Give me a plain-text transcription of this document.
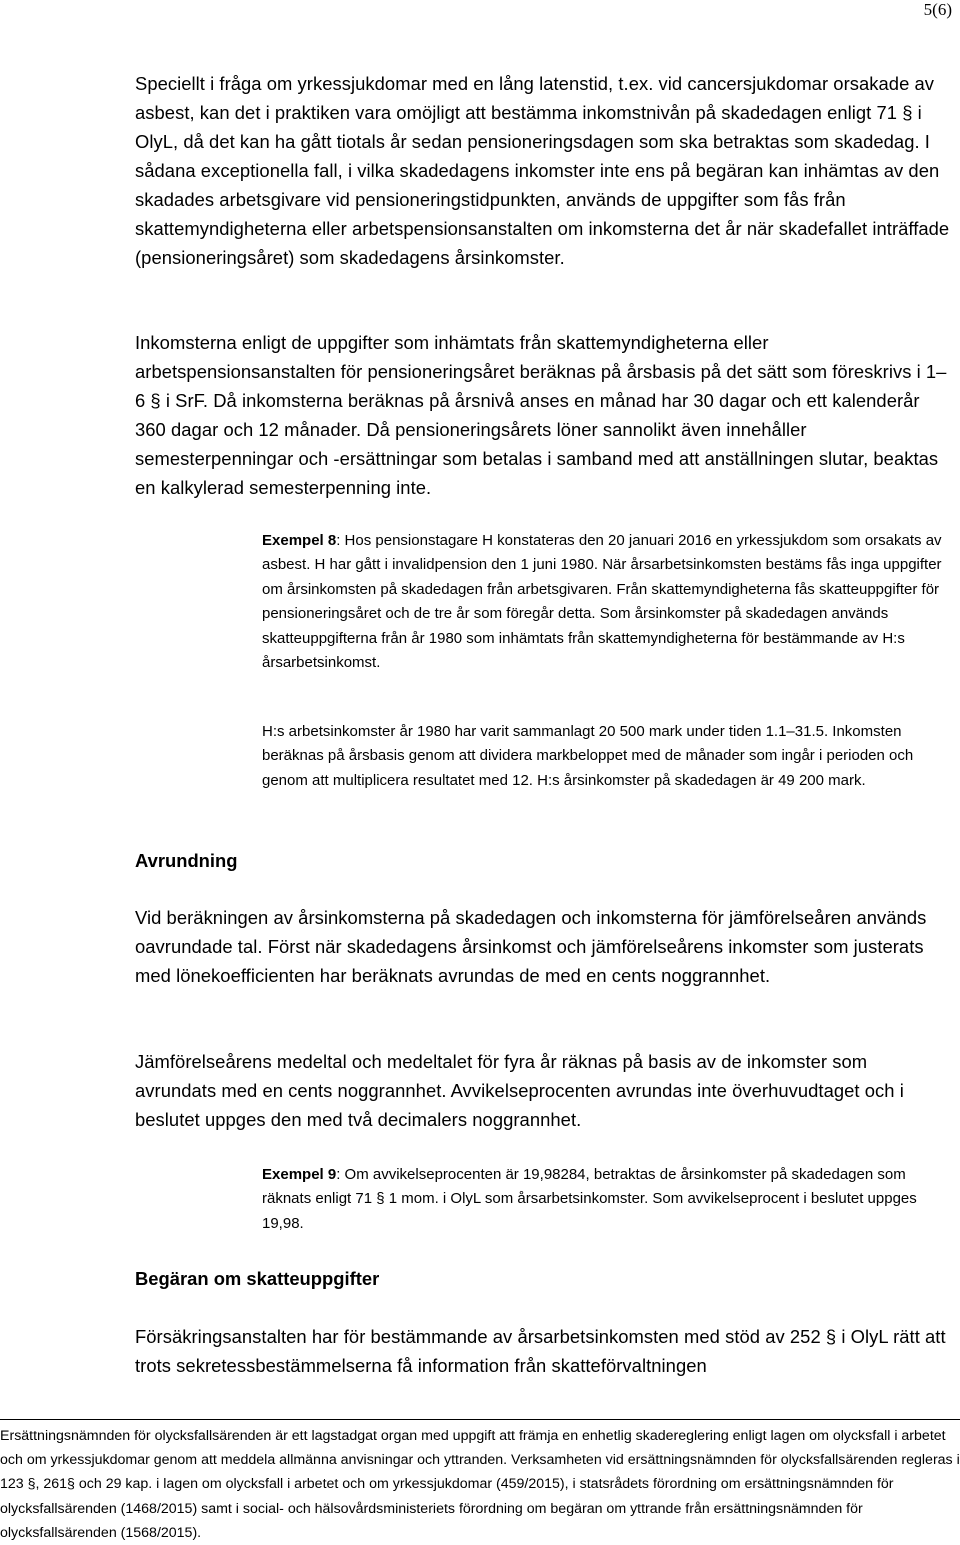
5(6)

Speciellt i fråga om yrkessjukdomar med en lång latenstid, t.ex. vid cancersjukdomar orsakade av asbest, kan det i praktiken vara omöjligt att bestämma inkomstnivån på skadedagen enligt 71 § i OlyL, då det kan ha gått tiotals år sedan pensioneringsdagen som ska betraktas som skadedag. I sådana exceptionella fall, i vilka skadedagens inkomster inte ens på begäran kan inhämtas av den skadades arbetsgivare vid pensioneringstidpunkten, används de uppgifter som fås från skattemyndigheterna eller arbetspensionsanstalten om inkomsterna det år när skadefallet inträffade (pensioneringsåret) som skadedagens årsinkomster.

Inkomsterna enligt de uppgifter som inhämtats från skattemyndigheterna eller arbetspensionsanstalten för pensioneringsåret beräknas på årsbasis på det sätt som föreskrivs i 1–6 § i SrF. Då inkomsterna beräknas på årsnivå anses en månad har 30 dagar och ett kalenderår 360 dagar och 12 månader. Då pensioneringsårets löner sannolikt även innehåller semesterpenningar och -ersättningar som betalas i samband med att anställningen slutar, beaktas en kalkylerad semesterpenning inte.

Exempel 8: Hos pensionstagare H konstateras den 20 januari 2016 en yrkessjukdom som orsakats av asbest. H har gått i invalidpension den 1 juni 1980. När årsarbetsinkomsten bestäms fås inga uppgifter om årsinkomsten på skadedagen från arbetsgivaren. Från skattemyndigheterna fås skatteuppgifter för pensioneringsåret och de tre år som föregår detta. Som årsinkomster på skadedagen används skatteuppgifterna från år 1980 som inhämtats från skattemyndigheterna för bestämmande av H:s årsarbetsinkomst.

H:s arbetsinkomster år 1980 har varit sammanlagt 20 500 mark under tiden 1.1–31.5. Inkomsten beräknas på årsbasis genom att dividera markbeloppet med de månader som ingår i perioden och genom att multiplicera resultatet med 12. H:s årsinkomster på skadedagen är 49 200 mark.

Avrundning

Vid beräkningen av årsinkomsterna på skadedagen och inkomsterna för jämförelseåren används oavrundade tal. Först när skadedagens årsinkomst och jämförelseårens inkomster som justerats med lönekoefficienten har beräknats avrundas de med en cents noggrannhet.

Jämförelseårens medeltal och medeltalet för fyra år räknas på basis av de inkomster som avrundats med en cents noggrannhet. Avvikelseprocenten avrundas inte överhuvudtaget och i beslutet uppges den med två decimalers noggrannhet.

Exempel 9: Om avvikelseprocenten är 19,98284, betraktas de årsinkomster på skadedagen som räknats enligt 71 § 1 mom. i OlyL som årsarbetsinkomster. Som avvikelseprocent i beslutet uppges 19,98.

Begäran om skatteuppgifter

Försäkringsanstalten har för bestämmande av årsarbetsinkomsten med stöd av 252 § i OlyL rätt att trots sekretessbestämmelserna få information från skatteförvaltningen

Ersättningsnämnden för olycksfallsärenden är ett lagstadgat organ med uppgift att främja en enhetlig skadereglering enligt lagen om olycksfall i arbetet och om yrkessjukdomar genom att meddela allmänna anvisningar och yttranden. Verksamheten vid ersättningsnämnden för olycksfallsärenden regleras i 123 §, 261§ och 29 kap. i lagen om olycksfall i arbetet och om yrkessjukdomar (459/2015), i statsrådets förordning om ersättningsnämnden för olycksfallsärenden (1468/2015) samt i social- och hälsovårdsministeriets förordning om begäran om yttrande från ersättningsnämnden för olycksfallsärenden (1568/2015).
